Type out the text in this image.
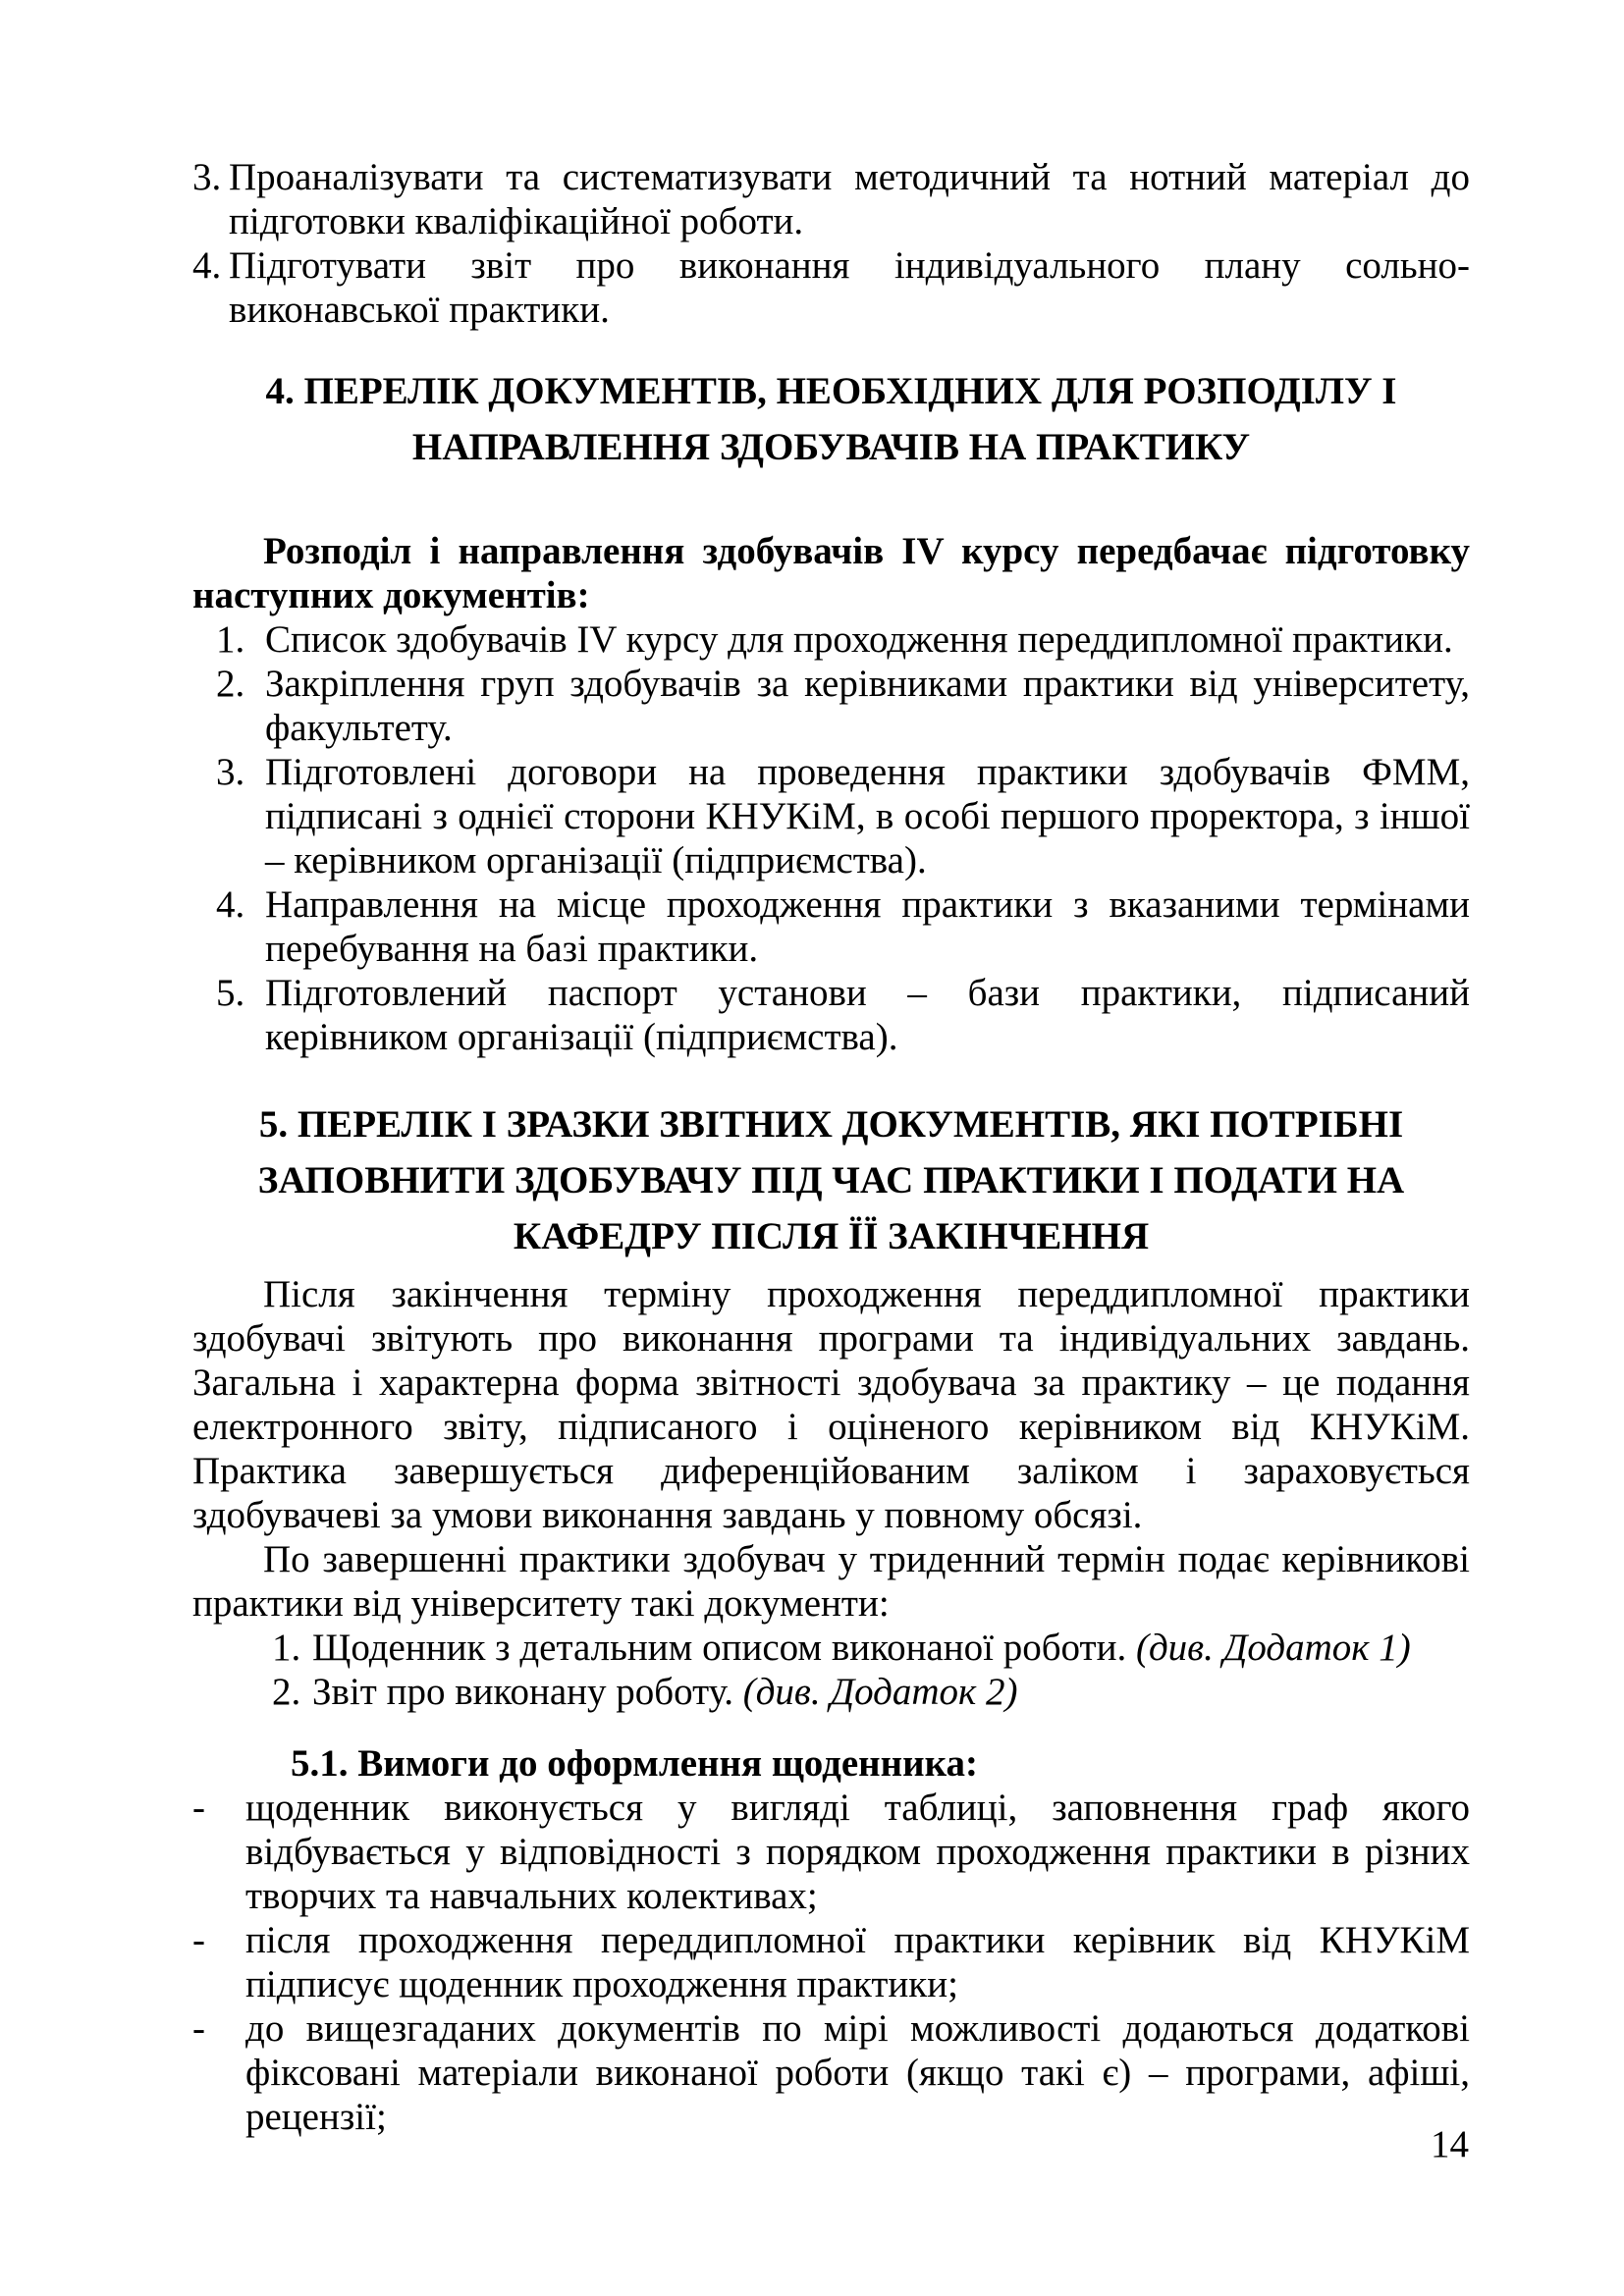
3. Проаналізувати та систематизувати методичний та нотний матеріал до підготовки кваліфікаційної роботи.
4. Підготувати звіт про виконання індивідуального плану сольно-виконавської практики.

4. ПЕРЕЛІК ДОКУМЕНТІВ, НЕОБХІДНИХ ДЛЯ РОЗПОДІЛУ І НАПРАВЛЕННЯ ЗДОБУВАЧІВ НА ПРАКТИКУ

Розподіл і направлення здобувачів IV курсу передбачає підготовку наступних документів:

1. Список здобувачів IV курсу для проходження переддипломної практики.
2. Закріплення груп здобувачів за керівниками практики від університету, факультету.
3. Підготовлені договори на проведення практики здобувачів ФММ, підписані з однієї сторони КНУКіМ, в особі першого проректора, з іншої – керівником організації (підприємства).
4. Направлення на місце проходження практики з вказаними термінами перебування на базі практики.
5. Підготовлений паспорт установи – бази практики, підписаний керівником організації (підприємства).

5. ПЕРЕЛІК І ЗРАЗКИ ЗВІТНИХ ДОКУМЕНТІВ, ЯКІ ПОТРІБНІ ЗАПОВНИТИ ЗДОБУВАЧУ ПІД ЧАС ПРАКТИКИ І ПОДАТИ НА КАФЕДРУ ПІСЛЯ ЇЇ ЗАКІНЧЕННЯ

Після закінчення терміну проходження переддипломної практики здобувачі звітують про виконання програми та індивідуальних завдань. Загальна і характерна форма звітності здобувача за практику – це подання електронного звіту, підписаного і оціненого керівником від КНУКіМ. Практика завершується диференційованим заліком і зараховується здобувачеві за умови виконання завдань у повному обсязі.

По завершенні практики здобувач у триденний термін подає керівникові практики від університету такі документи:

1. Щоденник з детальним описом виконаної роботи. (див. Додаток 1)
2. Звіт про виконану роботу. (див. Додаток 2)

5.1. Вимоги до оформлення щоденника:

- щоденник виконується у вигляді таблиці, заповнення граф якого відбувається у відповідності з порядком проходження практики в різних творчих та навчальних колективах;
- після проходження переддипломної практики керівник від КНУКіМ підписує щоденник проходження практики;
- до вищезгаданих документів по мірі можливості додаються додаткові фіксовані матеріали виконаної роботи (якщо такі є) – програми, афіші, рецензії;
14
